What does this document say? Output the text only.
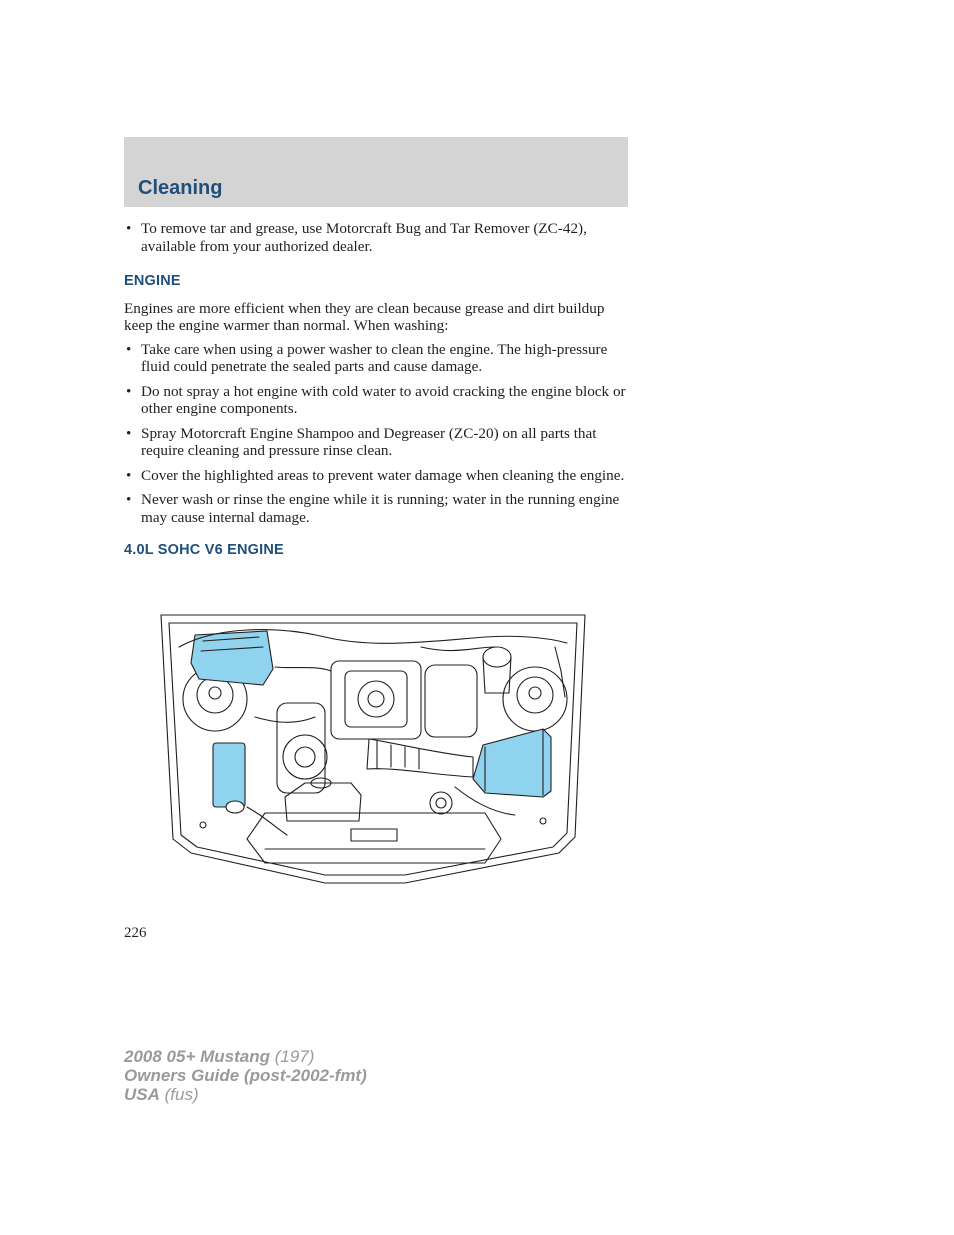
Cleaning
• To remove tar and grease, use Motorcraft Bug and Tar Remover (ZC-42), available from your authorized dealer.
ENGINE

Engines are more efficient when they are clean because grease and dirt buildup keep the engine warmer than normal. When washing:

• Take care when using a power washer to clean the engine. The high-pressure fluid could penetrate the sealed parts and cause damage.
• Do not spray a hot engine with cold water to avoid cracking the engine block or other engine components.
• Spray Motorcraft Engine Shampoo and Degreaser (ZC-20) on all parts that require cleaning and pressure rinse clean.
• Cover the highlighted areas to prevent water damage when cleaning the engine.
• Never wash or rinse the engine while it is running; water in the running engine may cause internal damage.
4.0L SOHC V6 ENGINE
226
2008 05+ Mustang (197)
Owners Guide (post-2002-fmt)
USA (fus)
